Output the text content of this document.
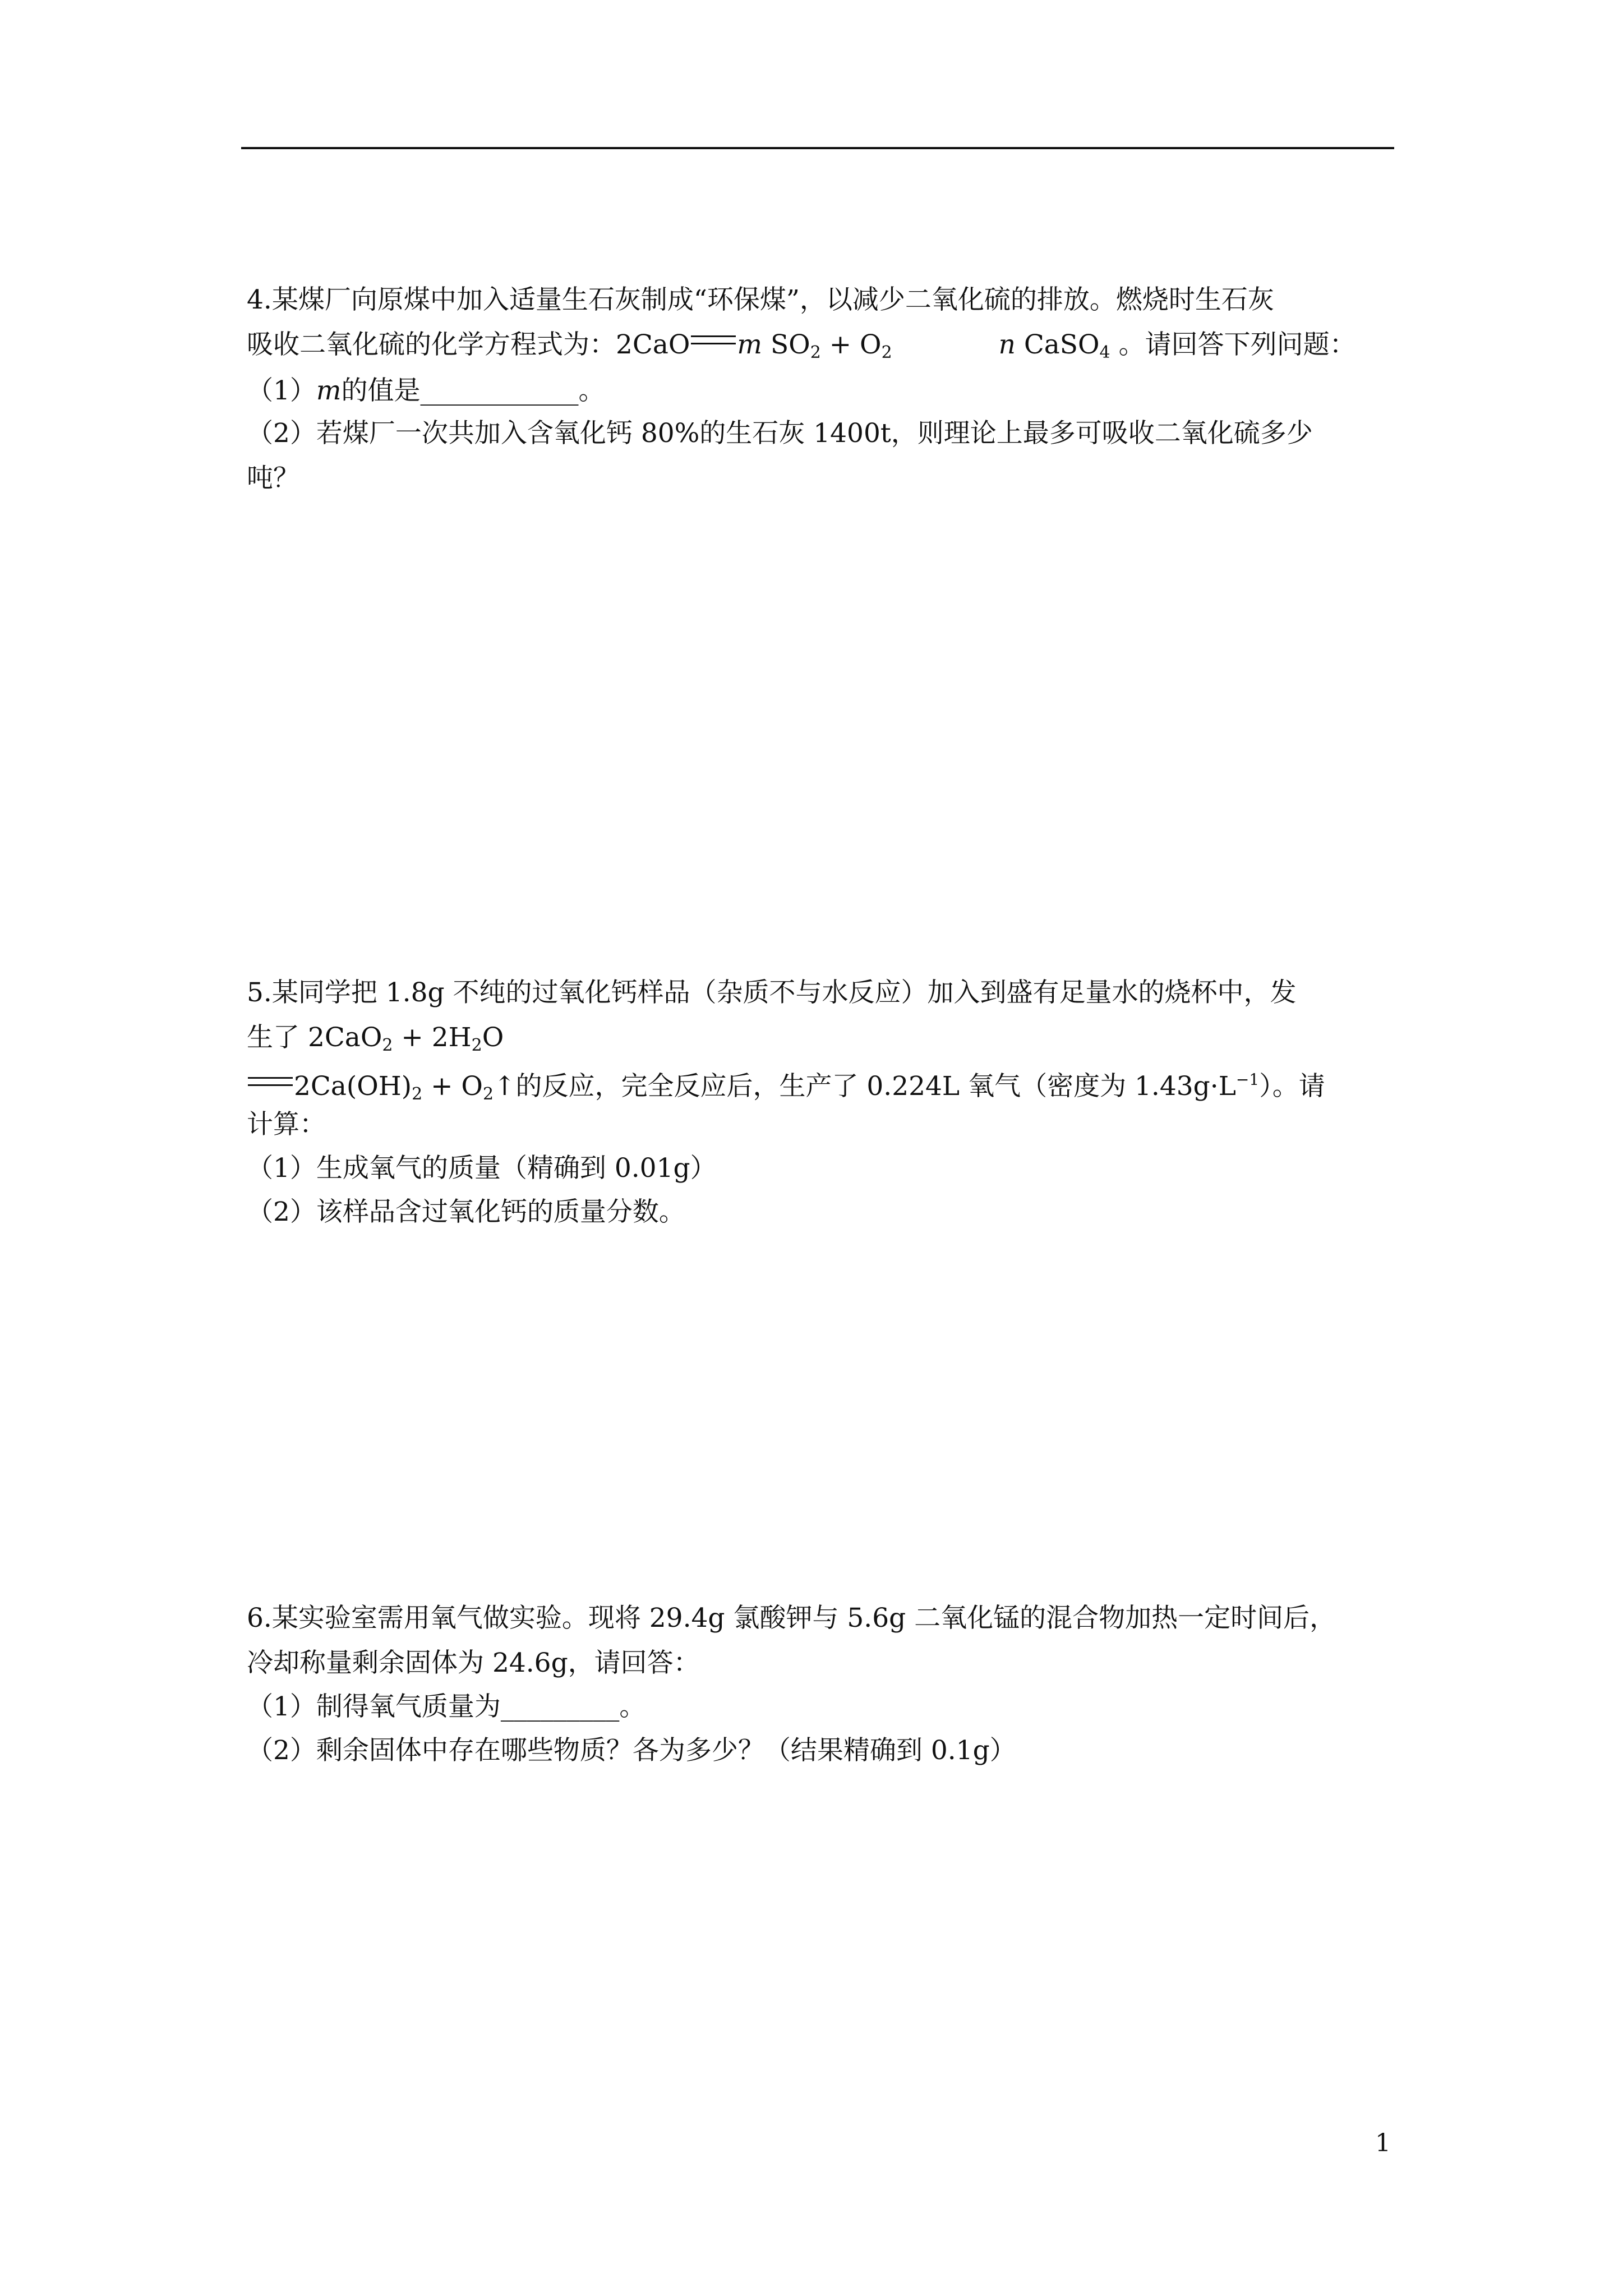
4.某煤厂向原煤中加入适量生石灰制成“环保煤”，以减少二氧化硫的排放。燃烧时生石灰
吸收二氧化硫的化学方程式为：2CaO m $SO_2 + O_2$	n CaSO$_4$ 。请回答下列问题：
（1）m的值是____________。
（2）若煤厂一次共加入含氧化钙 80%的生石灰 1400t，则理论上最多可吸收二氧化硫多少
吨？
5.某同学把 1.8g 不纯的过氧化钙样品（杂质不与水反应）加入到盛有足量水的烧杯中，发
生了 $2CaO_2 + 2H_2O$
$2Ca(OH)_2$ + $O_2↑$的反应，完全反应后，生产了 0.224L 氧气（密度为 $1.43g\cdot L^{-1}$）。请
计算：
（1）生成氧气的质量（精确到 0.01g）
（2）该样品含过氧化钙的质量分数。
6.某实验室需用氧气做实验。现将 29.4g 氯酸钾与 5.6g 二氧化锰的混合物加热一定时间后，
冷却称量剩余固体为 24.6g，请回答：
（1）制得氧气质量为_________。
（2）剩余固体中存在哪些物质？各为多少？（结果精确到 0.1g）
1
